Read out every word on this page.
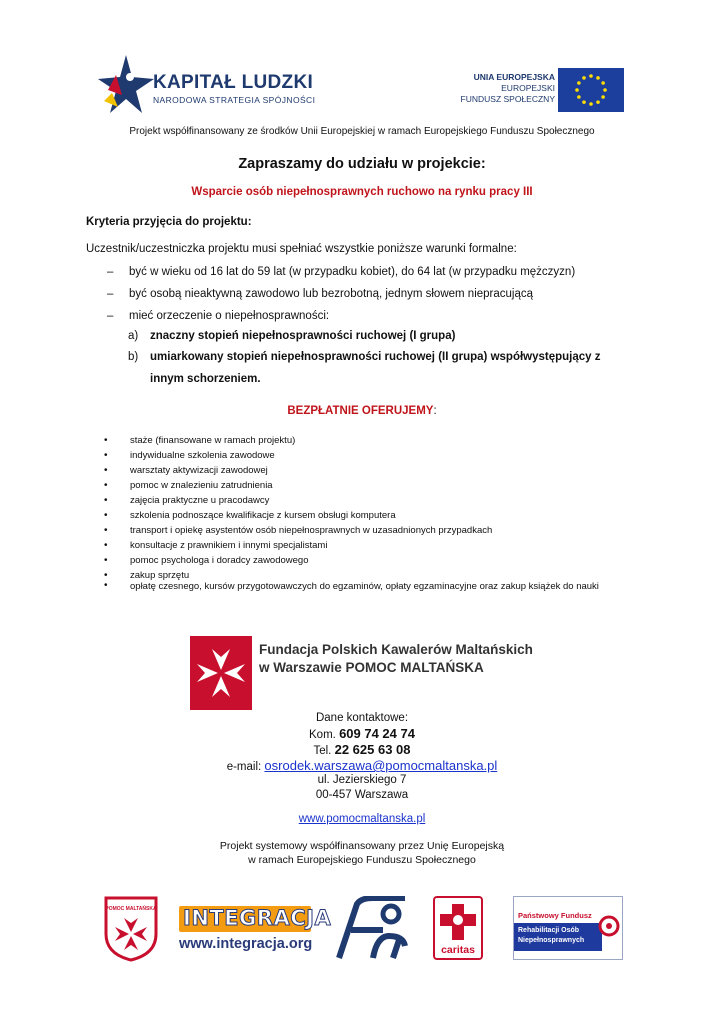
KAPITAŁ LUDZKI
NARODOWA STRATEGIA SPÓJNOŚCI
UNIA EUROPEJSKA
EUROPEJSKI
FUNDUSZ SPOŁECZNY
Projekt współfinansowany ze środków Unii Europejskiej w ramach Europejskiego Funduszu Społecznego
Zapraszamy do udziału w projekcie:
Wsparcie osób niepełnosprawnych ruchowo na rynku pracy III
Kryteria przyjęcia do projektu:
Uczestnik/uczestniczka projektu musi spełniać wszystkie poniższe warunki formalne:
– być w wieku od 16 lat do 59 lat (w przypadku kobiet), do 64 lat (w przypadku mężczyzn)
– być osobą nieaktywną zawodowo lub bezrobotną, jednym słowem niepracującą
– mieć orzeczenie o niepełnosprawności:
a) znaczny stopień niepełnosprawności ruchowej (I grupa)
b) umiarkowany stopień niepełnosprawności ruchowej (II grupa) współwystępujący z
innym schorzeniem.
BEZPŁATNIE OFERUJEMY:
• staże (finansowane w ramach projektu)
• indywidualne szkolenia zawodowe
• warsztaty aktywizacji zawodowej
• pomoc w znalezieniu zatrudnienia
• zajęcia praktyczne u pracodawcy
• szkolenia podnoszące kwalifikacje z kursem obsługi komputera
• transport i opiekę asystentów osób niepełnosprawnych w uzasadnionych przypadkach
• konsultacje z prawnikiem i innymi specjalistami
• pomoc psychologa i doradcy zawodowego
• zakup sprzętu
•	opłatę czesnego, kursów przygotowawczych do egzaminów, opłaty egzaminacyjne oraz zakup książek do nauki
Fundacja Polskich Kawalerów Maltańskich
w Warszawie POMOC MALTAŃSKA
Dane kontaktowe:
Kom. 609 74 24 74
Tel. 22 625 63 08
e-mail: osrodek.warszawa@pomocmaltanska.pl
ul. Jezierskiego 7
00-457 Warszawa
www.pomocmaltanska.pl
Projekt systemowy współfinansowany przez Unię Europejską
w ramach Europejskiego Funduszu Społecznego
POMOC MALTAŃSKA INTEGRACJA
www.integracja.org	caritas
Państwowy Fundusz
Rehabilitacji Osób
Niepełnosprawnych
